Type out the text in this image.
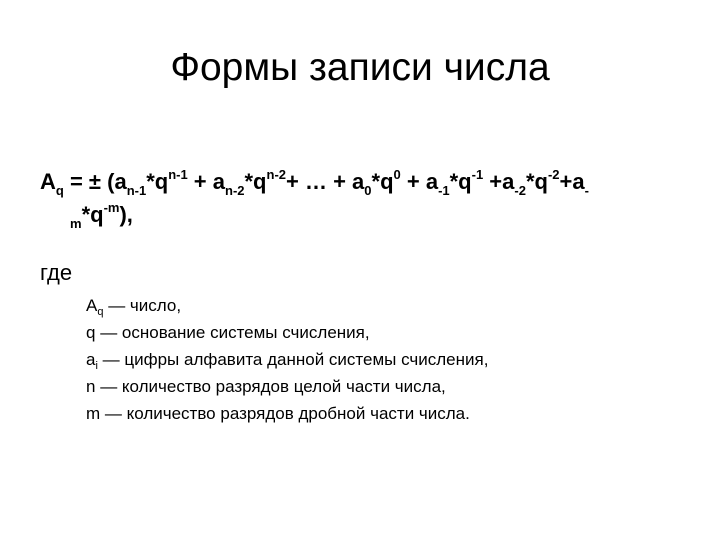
Формы записи числа
$A_q$ = ± ($a_{n-1}*q^{n-1} + a_{n-2}*q^{n-2}+$ … + $a_0*q^0 + a_{-1}*q^{-1} +a_{-2}*q^{-2}+a_-$
$_m*q^{-m}$),
где
$A_q$ — число,
q — основание системы счисления,
$a_i$ — цифры алфавита данной системы счисления,
n — количество разрядов целой части числа,
m — количество разрядов дробной части числа.
